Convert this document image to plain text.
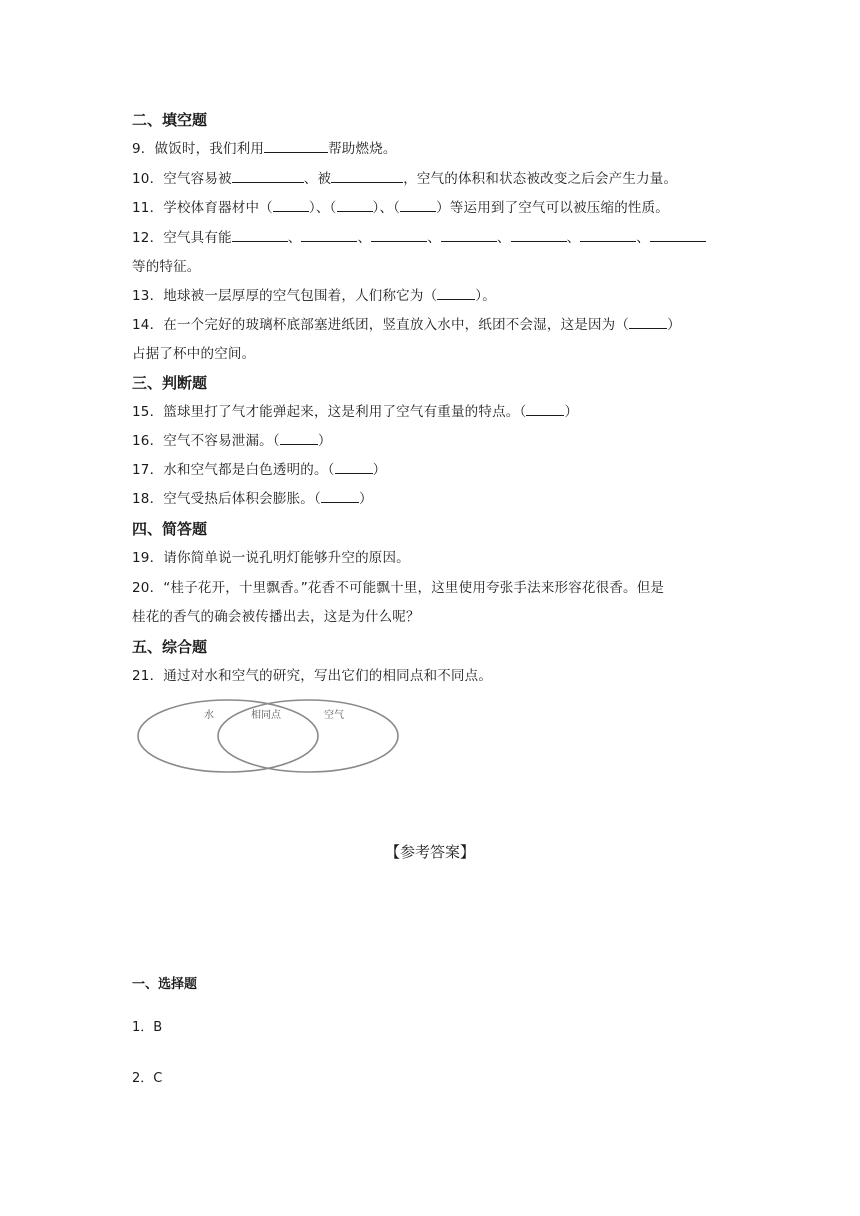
二、填空题
9．做饭时，我们利用	帮助燃烧。
10．空气容易被	、被	，空气的体积和状态被改变之后会产生力量。
11．学校体育器材中（	）、（	）、（	）等运用到了空气可以被压缩的性质。
12．空气具有能	、	、	、	、	、	、
等的特征。
13．地球被一层厚厚的空气包围着，人们称它为（	）。
14．在一个完好的玻璃杯底部塞进纸团，竖直放入水中，纸团不会湿，这是因为（	）
占据了杯中的空间。
三、判断题
15．篮球里打了气才能弹起来，这是利用了空气有重量的特点。（	）
16．空气不容易泄漏。（	）
17．水和空气都是白色透明的。（	）
18．空气受热后体积会膨胀。（	）
四、简答题
19．请你简单说一说孔明灯能够升空的原因。
20．“桂子花开，十里飘香。”花香不可能飘十里，这里使用夸张手法来形容花很香。但是
桂花的香气的确会被传播出去，这是为什么呢？
五、综合题
21．通过对水和空气的研究，写出它们的相同点和不同点。
水	相同点	空气
【参考答案】
一、选择题
1．B
2．C
